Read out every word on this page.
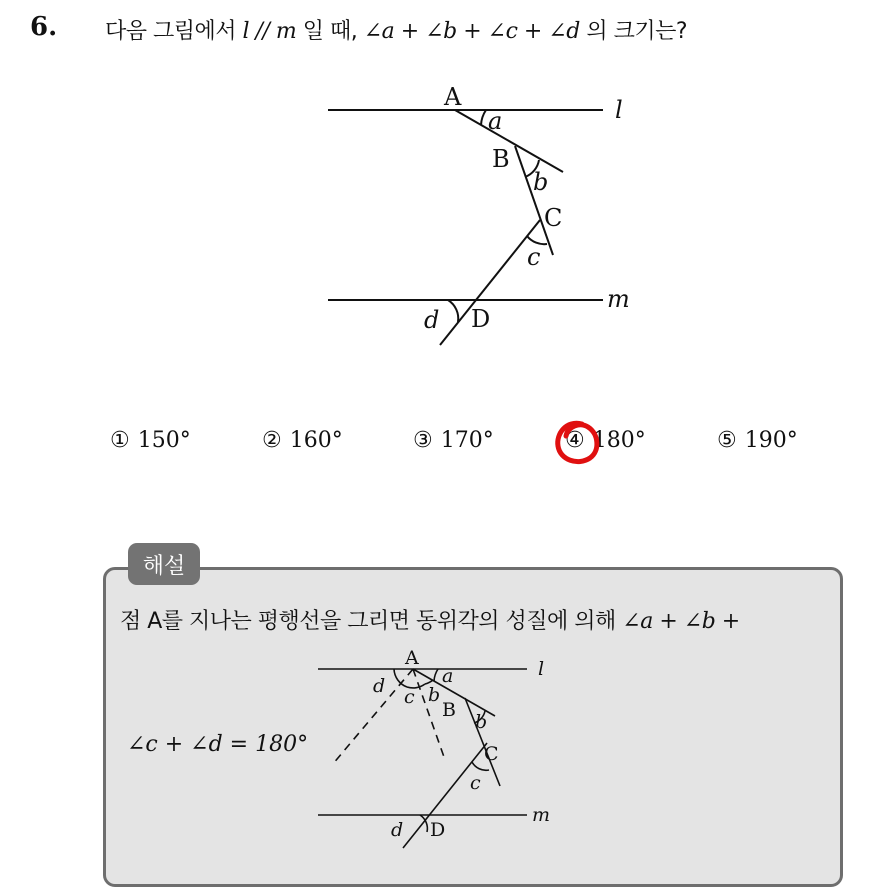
6. 다음 그림에서 l // m 일 때, ∠a + ∠b + ∠c + ∠d 의 크기는?
A	l
a
B
b
C
c
m
d D
① 150°	② 160°	③ 170°	④ 180°	⑤ 190°
해설
점 A를 지나는 평행선을 그리면 동위각의 성질에 의해 ∠a + ∠b +
∠c + ∠d = 180°
A	l
a
d c b
B
b
C
c
m
d D
